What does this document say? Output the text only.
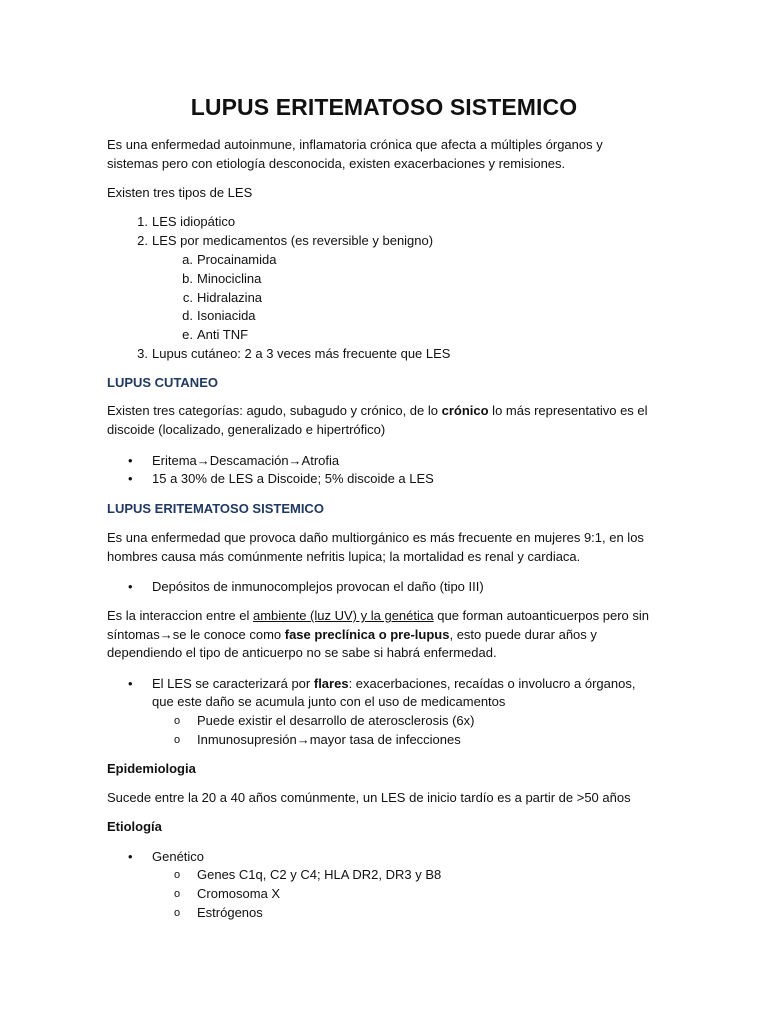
LUPUS ERITEMATOSO SISTEMICO
Es una enfermedad autoinmune, inflamatoria crónica que afecta a múltiples órganos y
sistemas pero con etiología desconocida, existen exacerbaciones y remisiones.
Existen tres tipos de LES
1. LES idiopático
2. LES por medicamentos (es reversible y benigno)
a. Procainamida
b. Minociclina
c. Hidralazina
d. Isoniacida
e. Anti TNF
3. Lupus cutáneo: 2 a 3 veces más frecuente que LES
LUPUS CUTANEO
Existen tres categorías: agudo, subagudo y crónico, de lo crónico lo más representativo es el
discoide (localizado, generalizado e hipertrófico)
• Eritema→Descamación→Atrofia
• 15 a 30% de LES a Discoide; 5% discoide a LES
LUPUS ERITEMATOSO SISTEMICO
Es una enfermedad que provoca daño multiorgánico es más frecuente en mujeres 9:1, en los
hombres causa más comúnmente nefritis lupica; la mortalidad es renal y cardiaca.
• Depósitos de inmunocomplejos provocan el daño (tipo III)
Es la interaccion entre el ambiente (luz UV) y la genética que forman autoanticuerpos pero sin
síntomas→se le conoce como fase preclínica o pre-lupus, esto puede durar años y
dependiendo el tipo de anticuerpo no se sabe si habrá enfermedad.
• El LES se caracterizará por flares: exacerbaciones, recaídas o involucro a órganos,
que este daño se acumula junto con el uso de medicamentos
o Puede existir el desarrollo de aterosclerosis (6x)
o Inmunosupresión→mayor tasa de infecciones
Epidemiologia
Sucede entre la 20 a 40 años comúnmente, un LES de inicio tardío es a partir de >50 años
Etiología
• Genético
o Genes C1q, C2 y C4; HLA DR2, DR3 y B8
o Cromosoma X
o Estrógenos
